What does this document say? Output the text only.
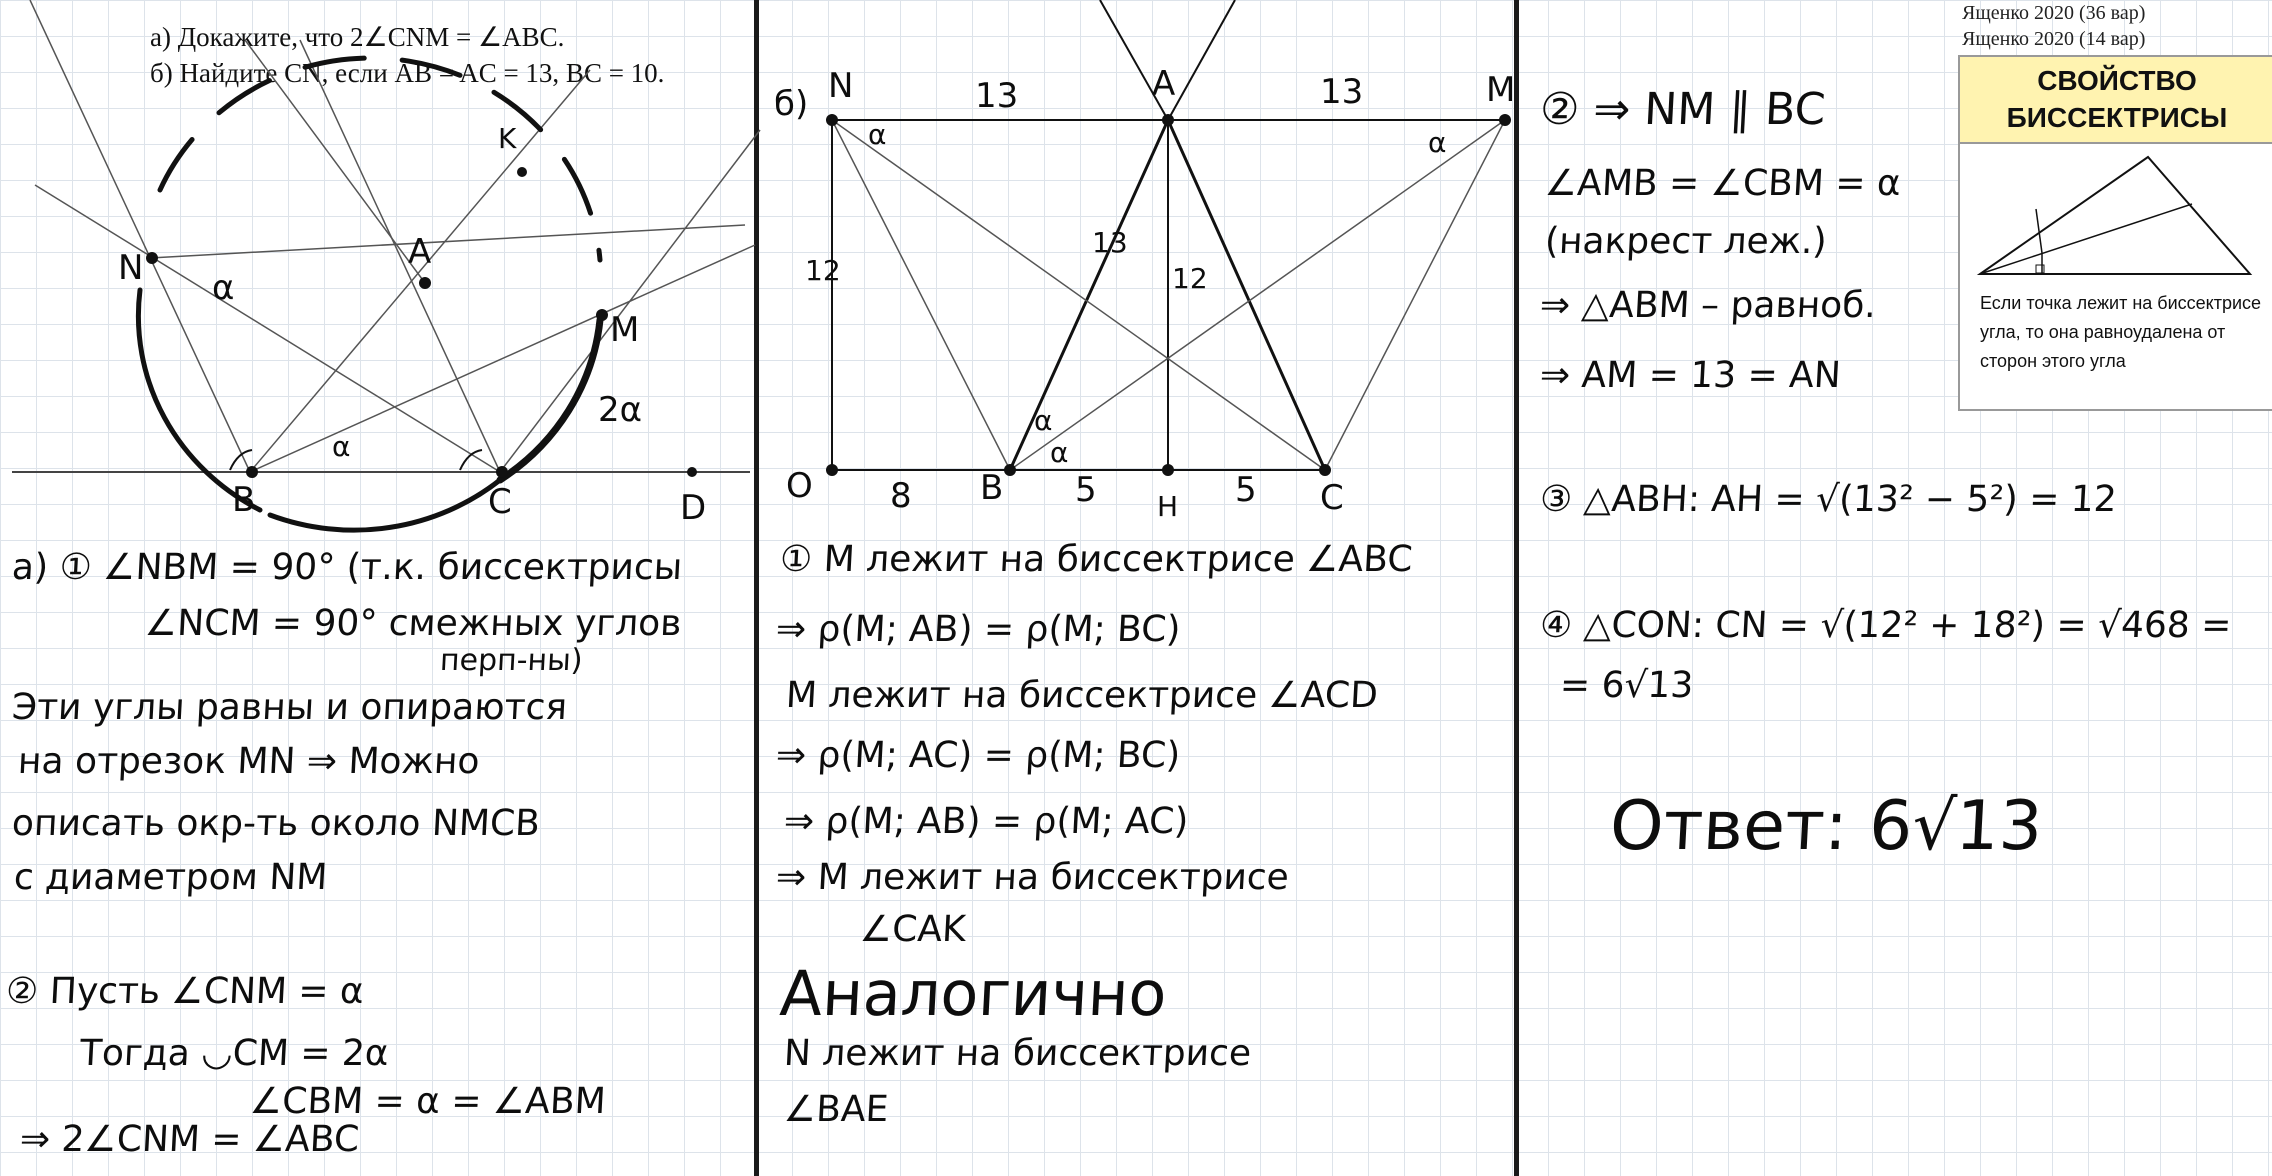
а) Докажите, что 2∠CNM = ∠ABC.
б) Найдите CN, если AB = AC = 13, BC = 10.
N	A
K
M
B	C	D
α
α
2α
б) N	A	M
O	B	H	C
13	13
12	12
13
8	5	5
α	α
α
α
а) ① ∠NBM = 90° (т.к. биссектрисы
∠NCM = 90° смежных углов
перп-ны)
Эти углы равны и опираются
на отрезок MN ⇒ Можно
описать окр-ть около NMCB
с диаметром NM
② Пусть ∠CNM = α
Тогда ◡CM = 2α
∠CBM = α = ∠ABM
⇒ 2∠CNM = ∠ABC
① M лежит на биссектрисе ∠ABC
⇒ ρ(M; AB) = ρ(M; BC)
M лежит на биссектрисе ∠ACD
⇒ ρ(M; AC) = ρ(M; BC)
⇒ ρ(M; AB) = ρ(M; AC)
⇒ M лежит на биссектрисе
∠CAK
Аналогично
N лежит на биссектрисе
∠BAE
② ⇒ NM ∥ BC
∠AMB = ∠CBM = α
(накрест леж.)
⇒ △ABM – равноб.
⇒ AM = 13 = AN
③ △ABH: AH = √(13² − 5²) = 12
④ △CON: CN = √(12² + 18²) = √468 =
= 6√13
Ответ: 6√13
Ященко 2020 (36 вар)
Ященко 2020 (14 вар)
СВОЙСТВО
БИССЕКТРИСЫ
Если точка лежит на биссектрисе угла, то она равноудалена от сторон этого угла
